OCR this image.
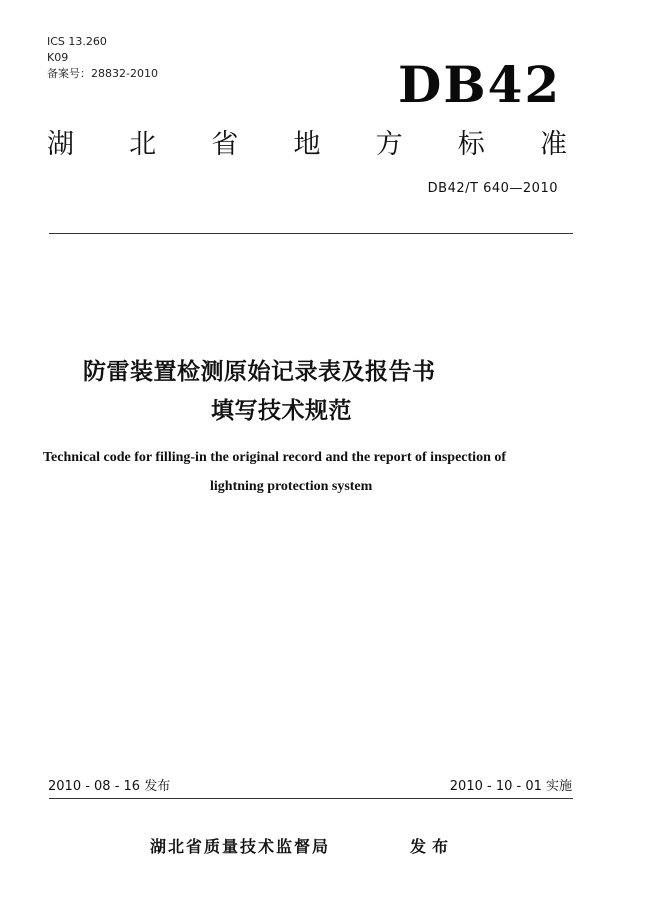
ICS 13.260
K09
备案号：28832-2010	DB42
湖 北 省 地 方 标 准
DB42/T 640—2010
防雷装置检测原始记录表及报告书
填写技术规范
Technical code for filling-in the original record and the report of inspection of
lightning protection system
2010 - 08 - 16 发布	2010 - 10 - 01 实施
湖北省质量技术监督局	发布
